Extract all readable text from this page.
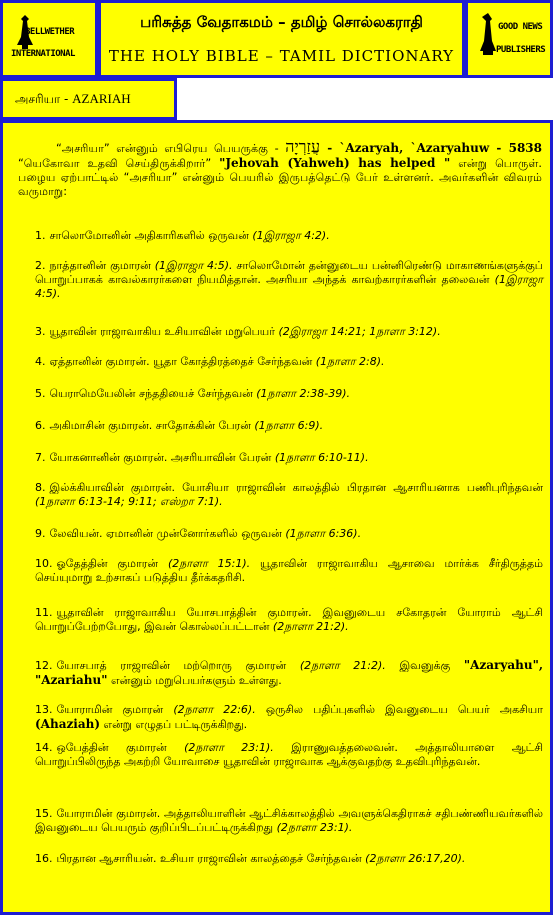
BELLWETHER
INTERNATIONAL
பரிசுத்த வேதாகமம் – தமிழ் சொல்லகராதி
THE HOLY BIBLE – TAMIL DICTIONARY
GOOD NEWS
PUBLISHERS
அசரியா - AZARIAH
“அசரியா” என்னும் எபிரெய பெயருக்கு - עֲזַרְיָה - `Azaryah, `Azaryahuw - 5838 “யெகோவா உதவி செய்திருக்கிறார்” "Jehovah (Yahweh) has helped " என்று பொருள். பழைய ஏற்பாட்டில் “அசரியா” என்னும் பெயரில் இருபத்தெட்டு பேர் உள்ளனர். அவர்களின் விவரம் வருமாறு:
1. சாலொமோனின் அதிகாரிகளில் ஒருவன் (1இராஜா 4:2).
2. நாத்தானின் குமாரன் (1இராஜா 4:5). சாலொமோன் தன்னுடைய பன்னிரெண்டு மாகாணங்களுக்குப் பொறுப்பாகக் காவல்காரர்களை நியமித்தான். அசரியா அந்தக் காவற்காரர்களின் தலைவன் (1இராஜா 4:5).
3. யூதாவின் ராஜாவாகிய உசியாவின் மறுபெயர் (2இராஜா 14:21; 1நாளா 3:12).
4. ஏத்தானின் குமாரன். யூதா கோத்திரத்தைச் சேர்ந்தவன் (1நாளா 2:8).
5. யெராமெயேலின் சந்ததியைச் சேர்ந்தவன் (1நாளா 2:38-39).
6. அகிமாசின் குமாரன். சாதோக்கின் பேரன் (1நாளா 6:9).
7. யோகனானின் குமாரன். அசரியாவின் பேரன் (1நாளா 6:10-11).
8. இல்க்கியாவின் குமாரன். யோசியா ராஜாவின் காலத்தில் பிரதான ஆசாரியனாக பணிபுரிந்தவன் (1நாளா 6:13-14; 9:11; எஸ்றா 7:1).
9. லேவியன். ஏமானின் முன்னோர்களில் ஒருவன் (1நாளா 6:36).
10. ஓதேத்தின் குமாரன் (2நாளா 15:1). யூதாவின் ராஜாவாகிய ஆசாவை மார்க்க சீர்திருத்தம் செய்யுமாறு உற்சாகப் படுத்திய தீர்க்கதரிசி.
11. யூதாவின் ராஜாவாகிய யோசபாத்தின் குமாரன். இவனுடைய சகோதரன் யோராம் ஆட்சி பொறுப்பேற்றபோது, இவன் கொல்லப்பட்டான் (2நாளா 21:2).
12. யோசபாத் ராஜாவின் மற்றொரு குமாரன் (2நாளா 21:2). இவனுக்கு "Azaryahu", "Azariahu" என்னும் மறுபெயர்களும் உள்ளது.
13. யோராமின் குமாரன் (2நாளா 22:6). ஒருசில பதிப்புகளில் இவனுடைய பெயர் அகசியா (Ahaziah) என்று எழுதப் பட்டிருக்கிறது.
14. ஒபேத்தின் குமாரன் (2நாளா 23:1). இராணுவத்தலைவன். அத்தாலியாளை ஆட்சி பொறுப்பிலிருந்த அகற்றி யோவாசை யூதாவின் ராஜாவாக ஆக்குவதற்கு உதவிபுரிந்தவன்.
15. யோராமின் குமாரன். அத்தாலியாளின் ஆட்சிக்காலத்தில் அவளுக்கெதிராகச் சதிபண்ணியவர்களில் இவனுடைய பெயரும் குறிப்பிடப்பட்டிருக்கிறது (2நாளா 23:1).
16. பிரதான ஆசாரியன். உசியா ராஜாவின் காலத்தைச் சேர்ந்தவன் (2நாளா 26:17,20).
